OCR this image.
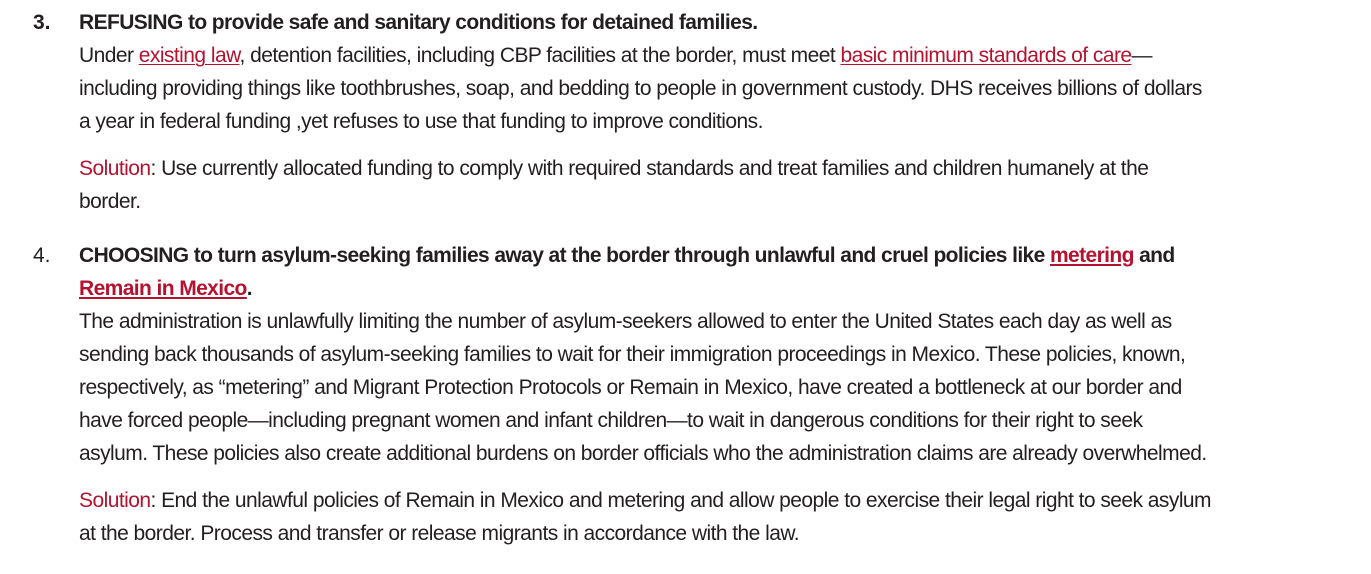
3. REFUSING to provide safe and sanitary conditions for detained families.
Under existing law, detention facilities, including CBP facilities at the border, must meet basic minimum standards of care—
including providing things like toothbrushes, soap, and bedding to people in government custody. DHS receives billions of dollars
a year in federal funding ,yet refuses to use that funding to improve conditions.
Solution: Use currently allocated funding to comply with required standards and treat families and children humanely at the
border.
4. CHOOSING to turn asylum-seeking families away at the border through unlawful and cruel policies like metering and
Remain in Mexico.
The administration is unlawfully limiting the number of asylum-seekers allowed to enter the United States each day as well as
sending back thousands of asylum-seeking families to wait for their immigration proceedings in Mexico. These policies, known,
respectively, as “metering” and Migrant Protection Protocols or Remain in Mexico, have created a bottleneck at our border and
have forced people—including pregnant women and infant children—to wait in dangerous conditions for their right to seek
asylum. These policies also create additional burdens on border officials who the administration claims are already overwhelmed.
Solution: End the unlawful policies of Remain in Mexico and metering and allow people to exercise their legal right to seek asylum
at the border. Process and transfer or release migrants in accordance with the law.
